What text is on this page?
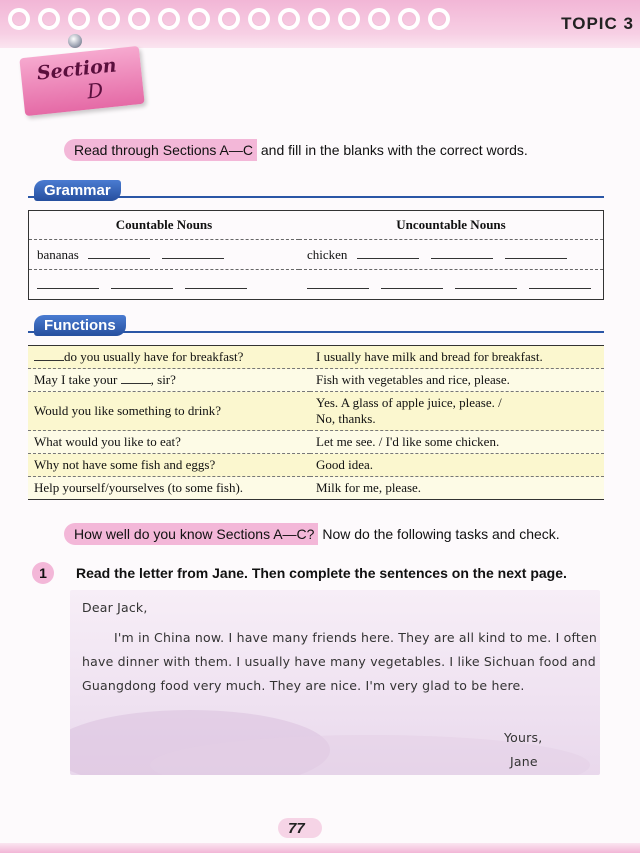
TOPIC 3
Section
D
Read through Sections A—C and fill in the blanks with the correct words.
Grammar
Countable Nouns	Uncountable Nouns
bananas	chicken

Functions
do you usually have for breakfast?	I usually have milk and bread for breakfast.
May I take your , sir?	Fish with vegetables and rice, please.
Would you like something to drink?	Yes. A glass of apple juice, please. /
No, thanks.

What would you like to eat?	Let me see. / I'd like some chicken.
Why not have some fish and eggs?	Good idea.
Help yourself/yourselves (to some fish).	Milk for me, please.
How well do you know Sections A—C? Now do the following tasks and check.
1	Read the letter from Jane. Then complete the sentences on the next page.
Dear Jack,
I'm in China now. I have many friends here. They are all kind to me. I often
have dinner with them. I usually have many vegetables. I like Sichuan food and
Guangdong food very much. They are nice. I'm very glad to be here.
Yours,
Jane
77
